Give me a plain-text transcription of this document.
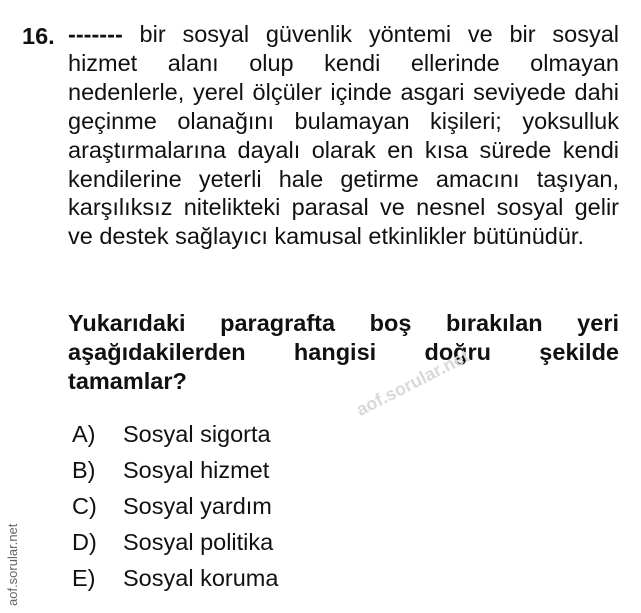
16. ------- bir sosyal güvenlik yöntemi ve bir sosyal hizmet alanı olup kendi ellerinde olmayan nedenlerle, yerel ölçüler içinde asgari seviyede dahi geçinme olanağını bulamayan kişileri; yoksulluk araştırmalarına dayalı olarak en kısa sürede kendi kendilerine yeterli hale getirme amacını taşıyan, karşılıksız nitelikteki parasal ve nesnel sosyal gelir ve destek sağlayıcı kamusal etkinlikler bütünüdür.

Yukarıdaki paragrafta boş bırakılan yeri aşağıdakilerden hangisi doğru şekilde tamamlar?

A) Sosyal sigorta
B) Sosyal hizmet
C) Sosyal yardım
D) Sosyal politika
E) Sosyal koruma
aof.sorular.net
aof.sorular.net
